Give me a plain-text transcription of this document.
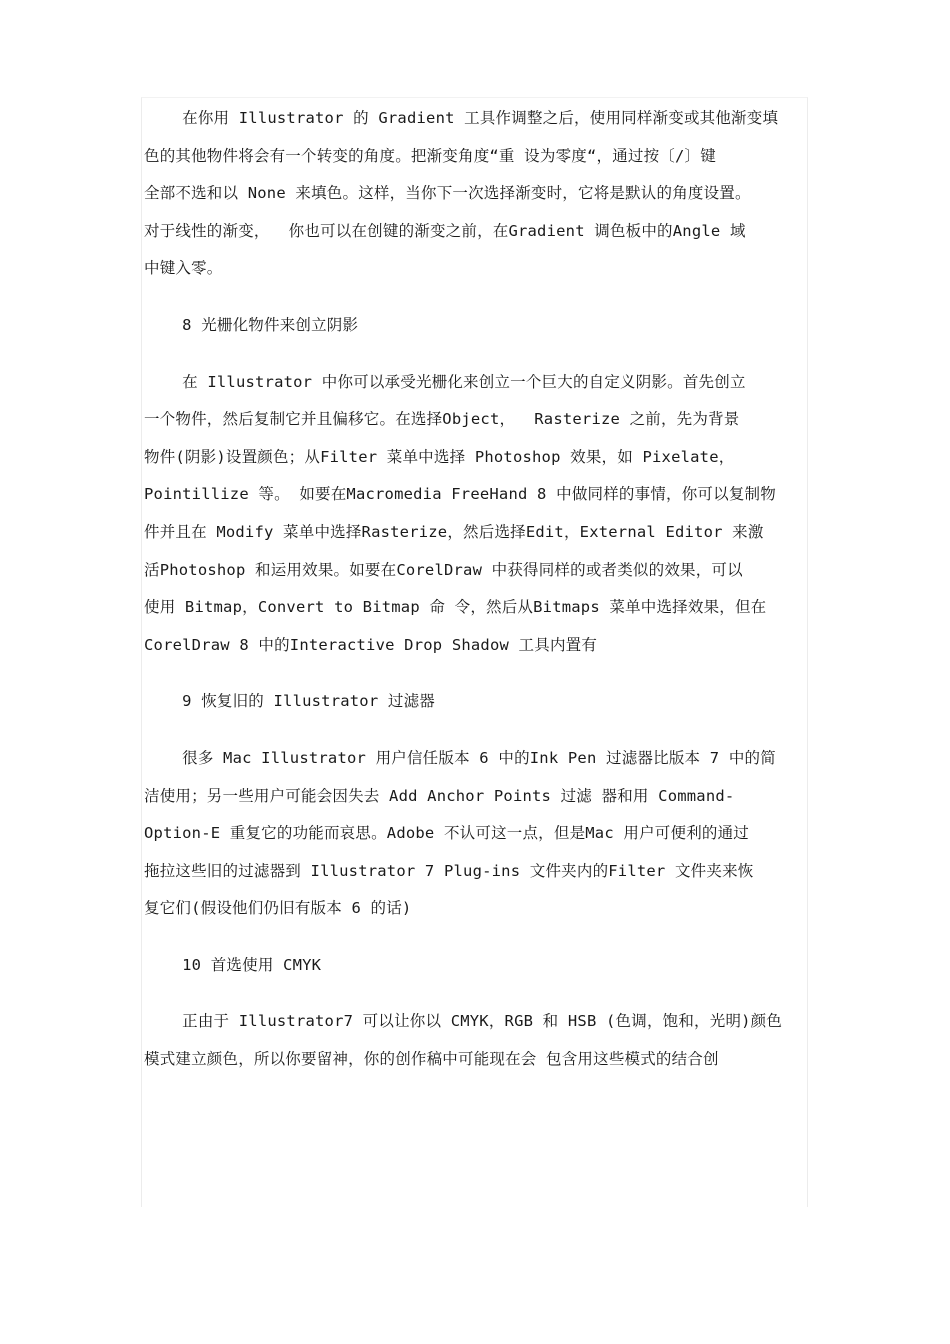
在你用 Illustrator 的 Gradient 工具作调整之后，使用同样渐变或其他渐变填
色的其他物件将会有一个转变的角度。把渐变角度“重 设为零度“，通过按〔/〕键
全部不选和以 None 来填色。这样，当你下一次选择渐变时，它将是默认的角度设置。
对于线性的渐变，  你也可以在创键的渐变之前，在Gradient 调色板中的Angle 域
中键入零。
8 光栅化物件来创立阴影
在 Illustrator 中你可以承受光栅化来创立一个巨大的自定义阴影。首先创立
一个物件，然后复制它并且偏移它。在选择Object，  Rasterize 之前，先为背景
物件(阴影)设置颜色；从Filter 菜单中选择 Photoshop 效果，如 Pixelate，
Pointillize 等。 如要在Macromedia FreeHand 8 中做同样的事情，你可以复制物
件并且在 Modify 菜单中选择Rasterize，然后选择Edit，External Editor 来激
活Photoshop 和运用效果。如要在CorelDraw 中获得同样的或者类似的效果，可以
使用 Bitmap，Convert to Bitmap 命 令，然后从Bitmaps 菜单中选择效果，但在
CorelDraw 8 中的Interactive Drop Shadow 工具内置有
9 恢复旧的 Illustrator 过滤器
很多 Mac Illustrator 用户信任版本 6 中的Ink Pen 过滤器比版本 7 中的简
洁使用；另一些用户可能会因失去 Add Anchor Points 过滤 器和用 Command-
Option-E 重复它的功能而哀思。Adobe 不认可这一点，但是Mac 用户可便利的通过
拖拉这些旧的过滤器到 Illustrator 7 Plug-ins 文件夹内的Filter 文件夹来恢
复它们(假设他们仍旧有版本 6 的话)
10 首选使用 CMYK
正由于 Illustrator7 可以让你以 CMYK，RGB 和 HSB (色调，饱和，光明)颜色
模式建立颜色，所以你要留神，你的创作稿中可能现在会 包含用这些模式的结合创
